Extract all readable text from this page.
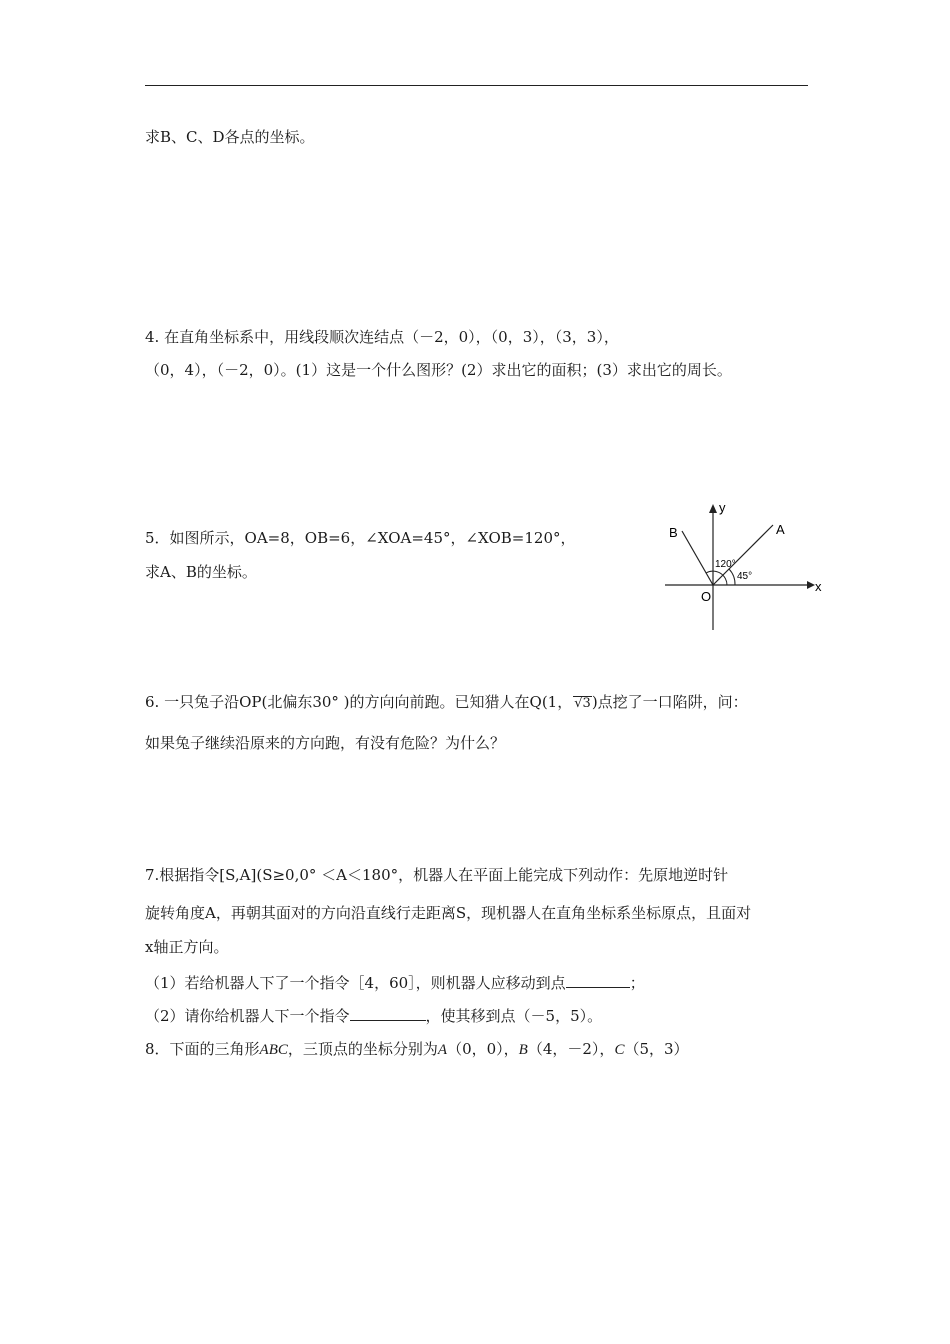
求B、C、D各点的坐标。
4. 在直角坐标系中，用线段顺次连结点（－2，0），（0，3），（3，3），
（0，4），（－2，0）。(1）这是一个什么图形？(2）求出它的面积；(3）求出它的周长。
5．如图所示，OA=8，OB=6，∠XOA=45°，∠XOB=120°，
求A、B的坐标。
y
x
O
A
B
120°
45°
6. 一只兔子沿OP(北偏东30° )的方向向前跑。已知猎人在Q(1， √3)点挖了一口陷阱，问：
如果兔子继续沿原来的方向跑，有没有危险？为什么？
7.根据指令[S,A](S≥0,0° ＜A＜180°，机器人在平面上能完成下列动作：先原地逆时针
旋转角度A，再朝其面对的方向沿直线行走距离S，现机器人在直角坐标系坐标原点，且面对
x轴正方向。
（1）若给机器人下了一个指令［4，60］，则机器人应移动到点	；
（2）请你给机器人下一个指令	，使其移到点（－5，5）。
8．下面的三角形ABC，三顶点的坐标分别为A（0，0），B（4，－2），C（5，3）
